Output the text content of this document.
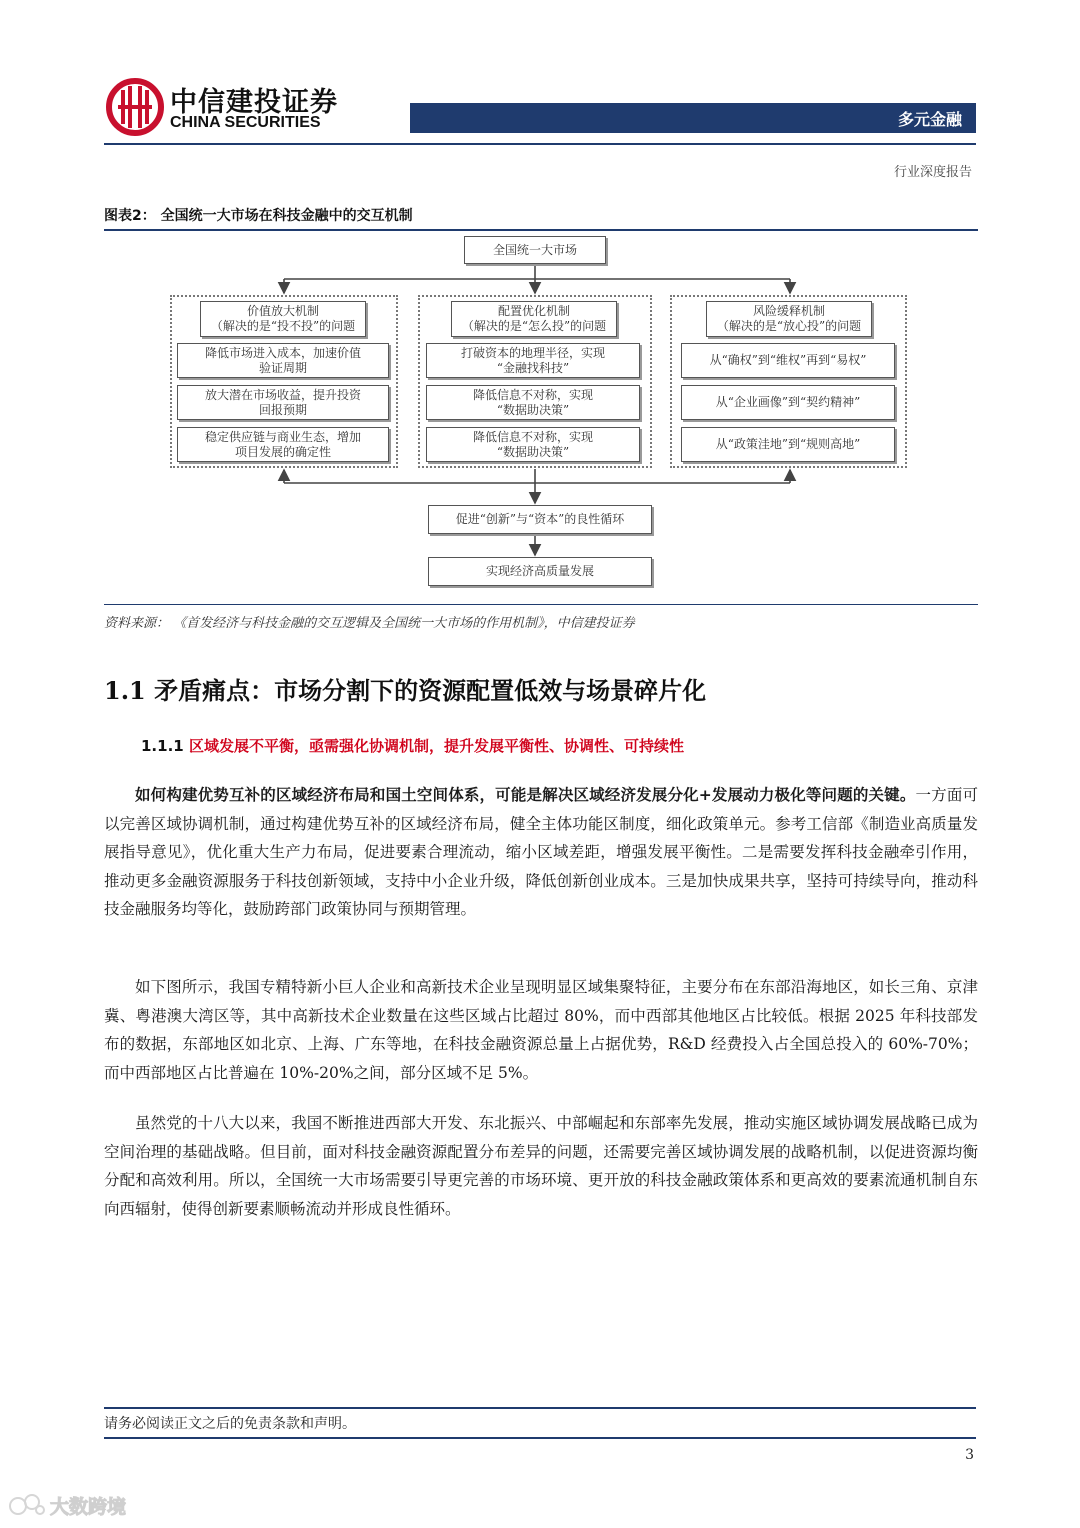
中信建投证券
CHINA SECURITIES	多元金融
行业深度报告
图表2： 全国统一大市场在科技金融中的交互机制
全国统一大市场
价值放大机制
（解决的是“投不投”的问题
降低市场进入成本，加速价值
验证周期
放大潜在市场收益，提升投资
回报预期
稳定供应链与商业生态，增加
项目发展的确定性
配置优化机制
（解决的是“怎么投”的问题
打破资本的地理半径，实现
“金融找科技”
降低信息不对称，实现
“数据助决策”
降低信息不对称，实现
“数据助决策”
风险缓释机制
（解决的是“放心投”的问题
从“确权”到“维权”再到“易权”
从“企业画像”到“契约精神”
从“政策洼地”到“规则高地”
促进“创新”与“资本”的良性循环
实现经济高质量发展
资料来源： 《首发经济与科技金融的交互逻辑及全国统一大市场的作用机制》，中信建投证券
1.1 矛盾痛点：市场分割下的资源配置低效与场景碎片化
1.1.1 区域发展不平衡，亟需强化协调机制，提升发展平衡性、协调性、可持续性

如何构建优势互补的区域经济布局和国土空间体系，可能是解决区域经济发展分化+发展动力极化等问题的关键。一方面可以完善区域协调机制，通过构建优势互补的区域经济布局，健全主体功能区制度，细化政策单元。参考工信部《制造业高质量发展指导意见》，优化重大生产力布局，促进要素合理流动，缩小区域差距，增强发展平衡性。二是需要发挥科技金融牵引作用，推动更多金融资源服务于科技创新领域，支持中小企业升级，降低创新创业成本。三是加快成果共享，坚持可持续导向，推动科技金融服务均等化，鼓励跨部门政策协同与预期管理。

如下图所示，我国专精特新小巨人企业和高新技术企业呈现明显区域集聚特征，主要分布在东部沿海地区，如长三角、京津冀、粤港澳大湾区等，其中高新技术企业数量在这些区域占比超过 80%，而中西部其他地区占比较低。根据 2025 年科技部发布的数据，东部地区如北京、上海、广东等地，在科技金融资源总量上占据优势，R&D 经费投入占全国总投入的 60%-70%；而中西部地区占比普遍在 10%-20%之间，部分区域不足 5%。

虽然党的十八大以来，我国不断推进西部大开发、东北振兴、中部崛起和东部率先发展，推动实施区域协调发展战略已成为空间治理的基础战略。但目前，面对科技金融资源配置分布差异的问题，还需要完善区域协调发展的战略机制，以促进资源均衡分配和高效利用。所以，全国统一大市场需要引导更完善的市场环境、更开放的科技金融政策体系和更高效的要素流通机制自东向西辐射，使得创新要素顺畅流动并形成良性循环。

请务必阅读正文之后的免责条款和声明。
3
大数跨境
